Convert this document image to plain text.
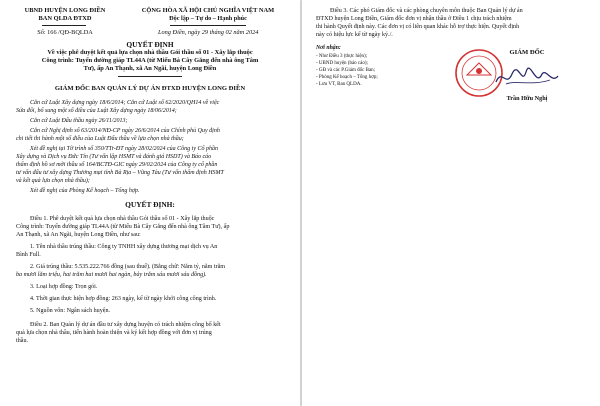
UBND HUYỆN LONG ĐIỀN
BAN QLDA ĐTXD
CỘNG HÒA XÃ HỘI CHỦ NGHĨA VIỆT NAM
Độc lập – Tự do – Hạnh phúc
Số: 166 /QĐ-BQLDA	Long Điền, ngày 29 tháng 02 năm 2024
QUYẾT ĐỊNH
Về việc phê duyệt kết quả lựa chọn nhà thầu Gói thầu số 01 - Xây lắp thuộc
Công trình: Tuyến đường giáp TL44A (từ Miếu Bà Cây Găng đến nhà ông Tâm
Tư), ấp An Thạnh, xã An Ngãi, huyện Long Điền
GIÁM ĐỐC BAN QUẢN LÝ DỰ ÁN ĐTXD HUYỆN LONG ĐIỀN
Căn cứ Luật Xây dựng ngày 18/6/2014; Căn cứ Luật số 62/2020/QH14 về việc
Sửa đổi, bổ sung một số điều của Luật Xây dựng ngày 18/06/2014;
Căn cứ Luật Đấu thầu ngày 26/11/2013;
Căn cứ Nghị định số 63/2014/NĐ-CP ngày 26/6/2014 của Chính phủ Quy định
chi tiết thi hành một số điều của Luật Đấu thầu về lựa chọn nhà thầu;
Xét đề nghị tại Tờ trình số 350/TTr-ĐT ngày 28/02/2024 của Công ty Cổ phần
Xây dựng và Dịch vụ Đức Tín (Tư vấn lập HSMT và đánh giá HSDT) và Báo cáo
thẩm định hồ sơ mời thầu số 164/BCTĐ-GIC ngày 29/02/2024 của Công ty cổ phần
tư vấn đấu tư xây dựng Thương mại tỉnh Bà Rịa – Vũng Tàu (Tư vấn thẩm định HSMT
và kết quả lựa chọn nhà thầu);
Xét đề nghị của Phòng Kế hoạch – Tổng hợp.
QUYẾT ĐỊNH:
Điều 1. Phê duyệt kết quả lựa chọn nhà thầu Gói thầu số 01 - Xây lắp thuộc
Công trình: Tuyến đường giáp TL44A (từ Miếu Bà Cây Găng đến nhà ông Tâm Tư), ấp
An Thạnh, xã An Ngãi, huyện Long Điền, như sau:
1. Tên nhà thầu trúng thầu: Công ty TNHH xây dựng thương mại dịch vụ An
Bình Full.
2. Giá trúng thầu: 5.535.222.766 đồng (sau thuế). (Bằng chữ: Năm tỷ, năm trăm
ba mươi lăm triệu, hai trăm hai mươi hai ngàn, bảy trăm sáu mươi sáu đồng).
3. Loại hợp đồng: Trọn gói.
4. Thời gian thực hiện hợp đồng: 263 ngày, kể từ ngày khởi công công trình.
5. Nguồn vốn: Ngân sách huyện.
Điều 2. Ban Quản lý dự án đầu tư xây dựng huyện có trách nhiệm công bố kết
quả lựa chọn nhà thầu, tiến hành hoàn thiện và ký kết hợp đồng với đơn vị trúng
thầu.
Điều 3. Các phó Giám đốc và các phòng chuyên môn thuộc Ban Quản lý dự án
ĐTXD huyện Long Điền, Giám đốc đơn vị nhận thầu ở Điều 1 chịu trách nhiệm
thi hành Quyết định này. Các đơn vị có liên quan khác hỗ trợ thực hiện. Quyết định
này có hiệu lực kể từ ngày ký./.
Nơi nhận:
- Như Điều 3 (thực hiện);
- UBND huyện (báo cáo);
- GĐ và các P.Giám đốc Ban;
- Phòng Kế hoạch – Tổng hợp;
- Lưu VT, Ban QLDA.
GIÁM ĐỐC
Trần Hữu Nghị
